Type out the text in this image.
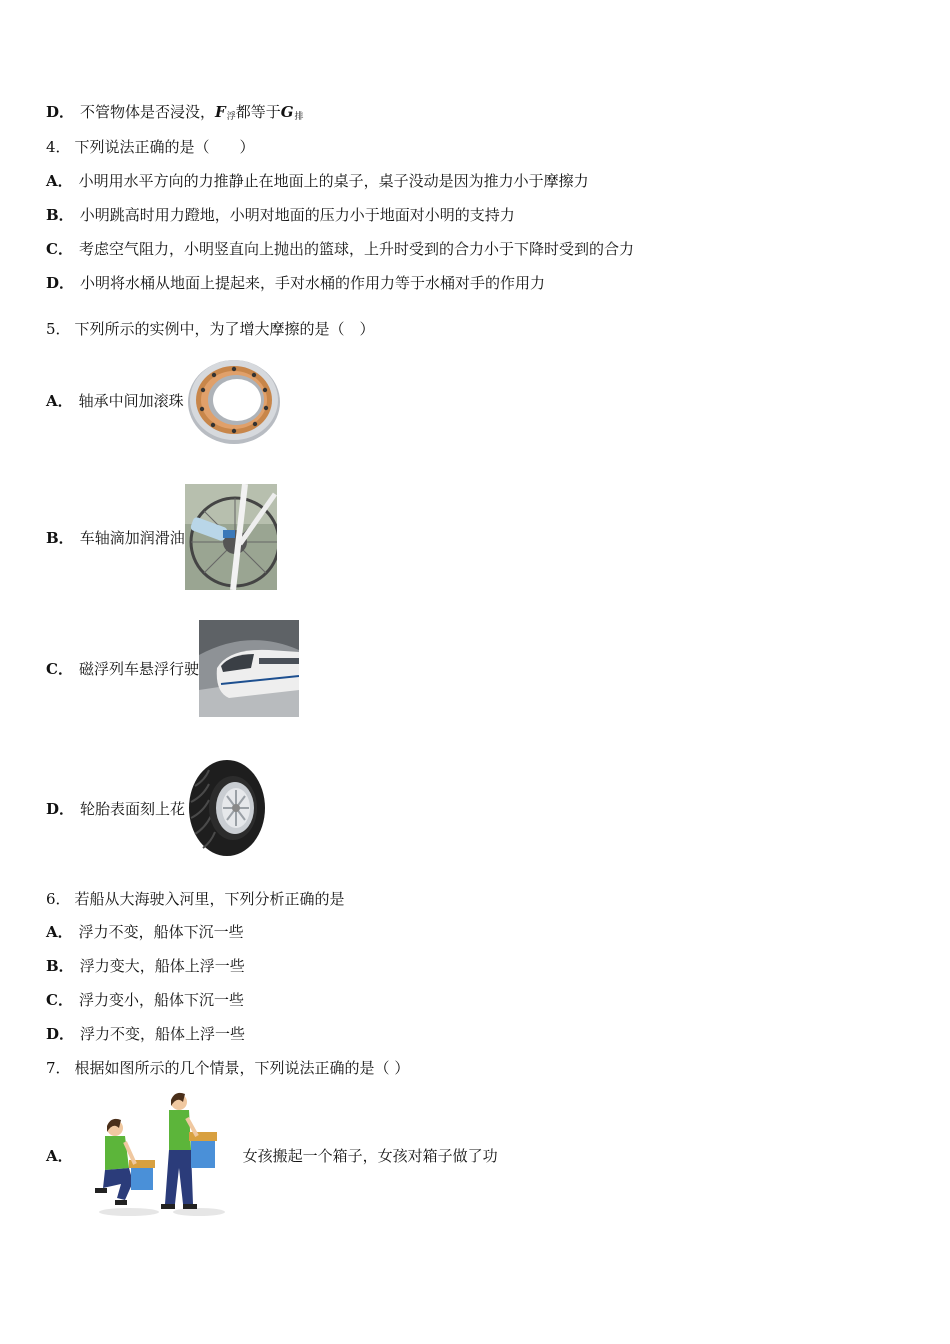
D． 不管物体是否浸没，$F_浮$都等于$G_排$
4． 下列说法正确的是（　　）
A． 小明用水平方向的力推静止在地面上的桌子，桌子没动是因为推力小于摩擦力
B． 小明跳高时用力蹬地，小明对地面的压力小于地面对小明的支持力
C． 考虑空气阻力，小明竖直向上抛出的篮球，上升时受到的合力小于下降时受到的合力
D． 小明将水桶从地面上提起来，手对水桶的作用力等于水桶对手的作用力
5． 下列所示的实例中，为了增大摩擦的是（　）
A． 轴承中间加滚珠
B． 车轴滴加润滑油
C． 磁浮列车悬浮行驶
D． 轮胎表面刻上花
6． 若船从大海驶入河里，下列分析正确的是
A． 浮力不变，船体下沉一些
B． 浮力变大，船体上浮一些
C． 浮力变小，船体下沉一些
D． 浮力不变，船体上浮一些
7． 根据如图所示的几个情景，下列说法正确的是（ ）
A．	女孩搬起一个箱子，女孩对箱子做了功
